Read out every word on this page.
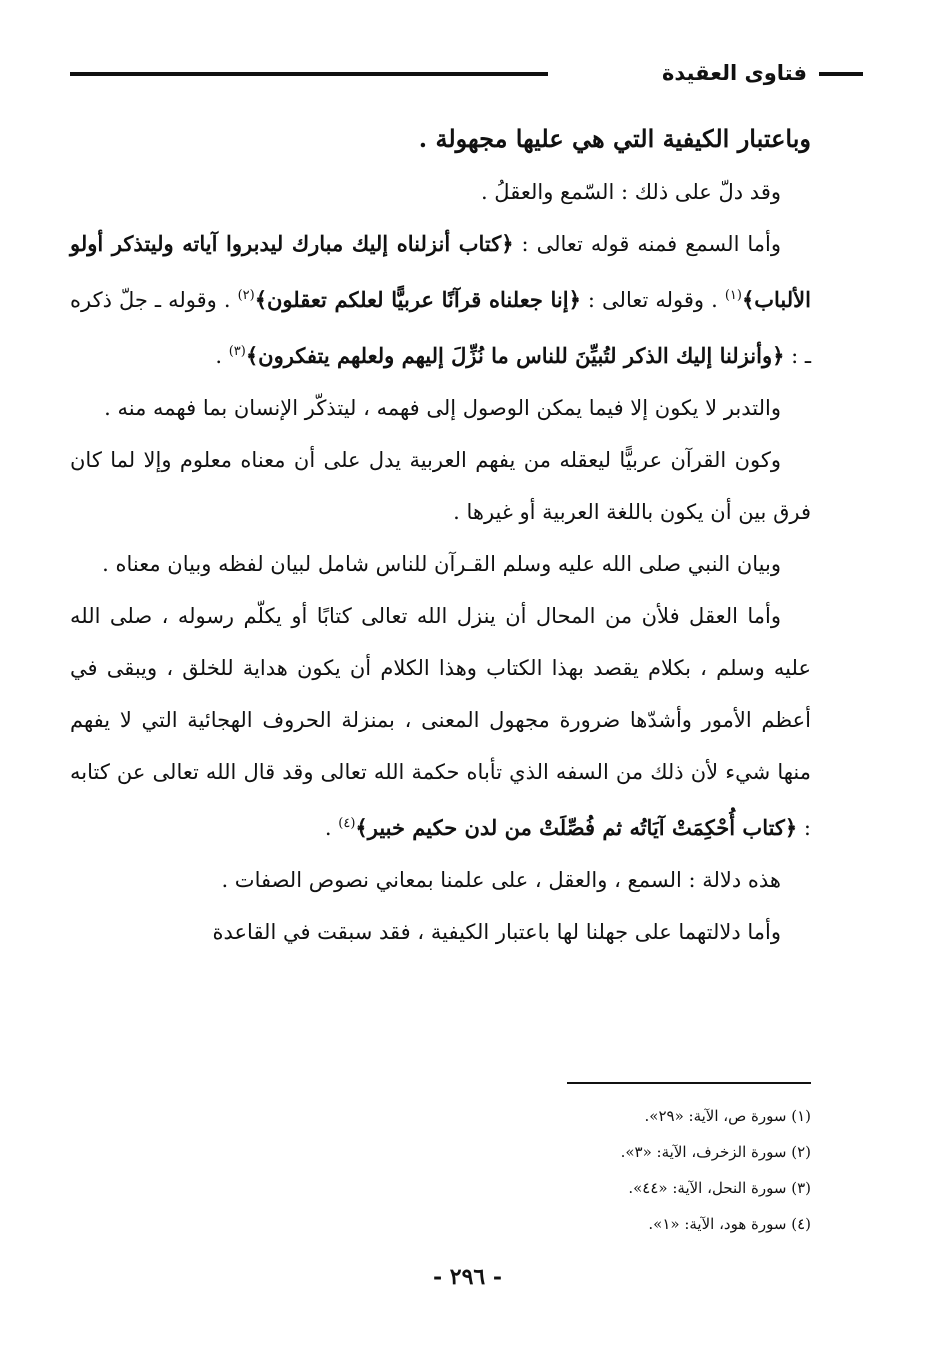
فتاوى العقيدة

وباعتبار الكيفية التي هي عليها مجهولة .

وقد دلّ على ذلك : السّمع والعقلُ .

وأما السمع فمنه قوله تعالى : ﴿كتاب أنزلناه إليك مبارك ليدبروا آياته وليتذكر أولو الألباب﴾$^{(١)}$ . وقوله تعالى : ﴿إنا جعلناه قرآنًا عربيًّا لعلكم تعقلون﴾$^{(٢)}$ . وقوله ـ جلّ ذكره ـ : ﴿وأنزلنا إليك الذكر لتُبيِّنَ للناس ما نُزِّلَ إليهم ولعلهم يتفكرون﴾$^{(٣)}$ .

والتدبر لا يكون إلا فيما يمكن الوصول إلى فهمه ، ليتذكّر الإنسان بما فهمه منه .

وكون القرآن عربيًّا ليعقله من يفهم العربية يدل على أن معناه معلوم وإلا لما كان فرق بين أن يكون باللغة العربية أو غيرها .

وبيان النبي صلى الله عليه وسلم القـرآن للناس شامل لبيان لفظه وبيان معناه .

وأما العقل فلأن من المحال أن ينزل الله تعالى كتابًا أو يكلّم رسوله ، صلى الله عليه وسلم ، بكلام يقصد بهذا الكتاب وهذا الكلام أن يكون هداية للخلق ، ويبقى في أعظم الأمور وأشدّها ضرورة مجهول المعنى ، بمنزلة الحروف الهجائية التي لا يفهم منها شيء لأن ذلك من السفه الذي تأباه حكمة الله تعالى وقد قال الله تعالى عن كتابه : ﴿كتاب أُحْكِمَتْ آيَاتُه ثم فُصِّلَتْ من لدن حكيم خبير﴾$^{(٤)}$ .

هذه دلالة : السمع ، والعقل ، على علمنا بمعاني نصوص الصفات .

وأما دلالتهما على جهلنا لها باعتبار الكيفية ، فقد سبقت في القاعدة

(١) سورة ص، الآية: «٢٩».

(٢) سورة الزخرف، الآية: «٣».

(٣) سورة النحل، الآية: «٤٤».

(٤) سورة هود، الآية: «١».

- ٢٩٦ -
